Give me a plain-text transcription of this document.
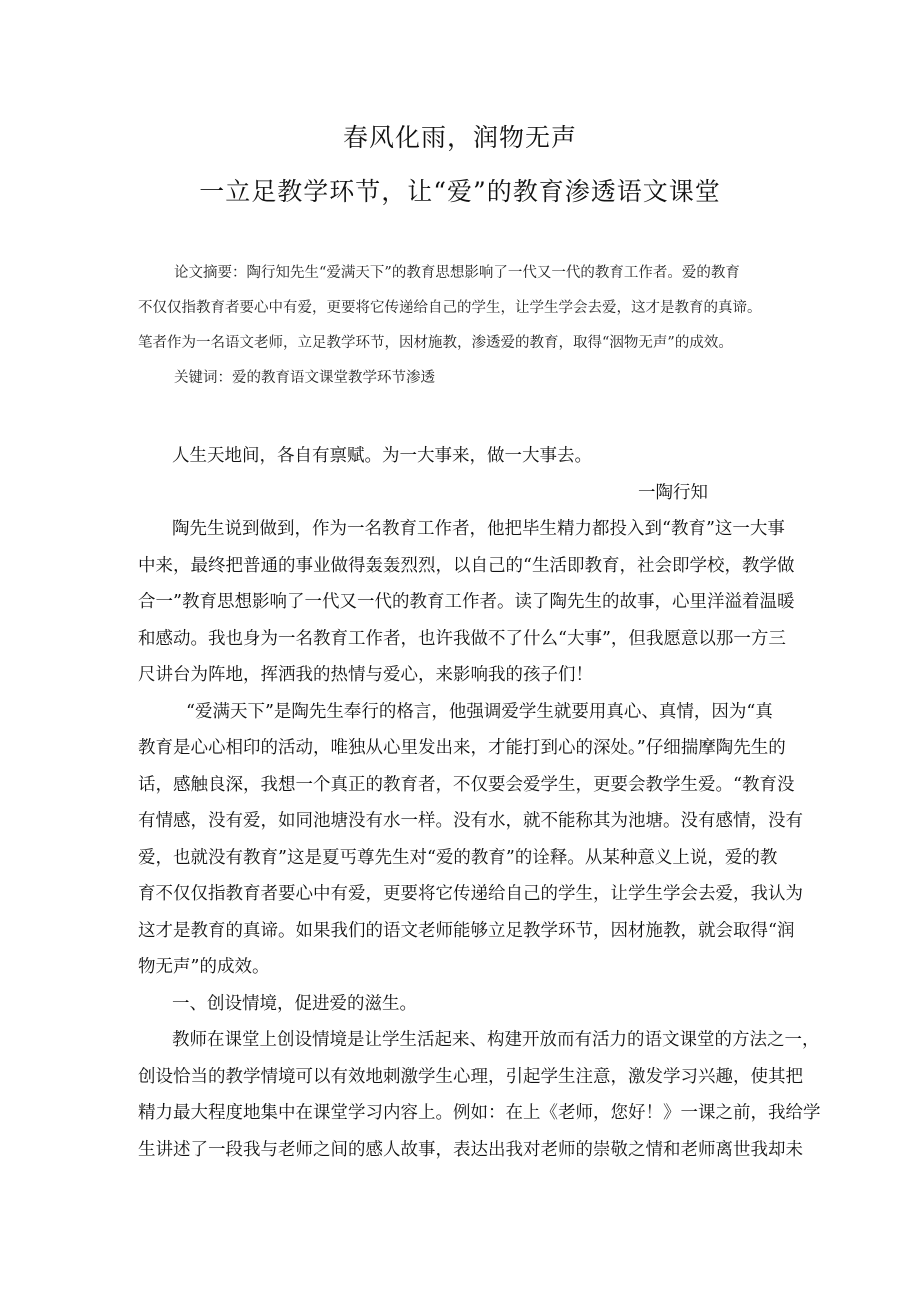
春风化雨，润物无声
一立足教学环节，让“爱”的教育渗透语文课堂

论文摘要：陶行知先生“爱满天下”的教育思想影响了一代又一代的教育工作者。爱的教育

不仅仅指教育者要心中有爱，更要将它传递给自己的学生，让学生学会去爱，这才是教育的真谛。

笔者作为一名语文老师，立足教学环节，因材施教，渗透爱的教育，取得“洇物无声”的成效。

关键词：爱的教育语文课堂教学环节渗透

人生天地间，各自有禀赋。为一大事来，做一大事去。

一陶行知

陶先生说到做到，作为一名教育工作者，他把毕生精力都投入到“教育”这一大事
中来，最终把普通的事业做得轰轰烈烈，以自己的“生活即教育，社会即学校，教学做
合一”教育思想影响了一代又一代的教育工作者。读了陶先生的故事，心里洋溢着温暖
和感动。我也身为一名教育工作者，也许我做不了什么“大事”，但我愿意以那一方三
尺讲台为阵地，挥洒我的热情与爱心，来影响我的孩子们！

“爱满天下”是陶先生奉行的格言，他强调爱学生就要用真心、真情，因为“真
教育是心心相印的活动，唯独从心里发出来，才能打到心的深处。”仔细揣摩陶先生的
话，感触良深，我想一个真正的教育者，不仅要会爱学生，更要会教学生爱。“教育没
有情感，没有爱，如同池塘没有水一样。没有水，就不能称其为池塘。没有感情，没有
爱，也就没有教育”这是夏丐尊先生对“爱的教育”的诠释。从某种意义上说，爱的教
育不仅仅指教育者要心中有爱，更要将它传递给自己的学生，让学生学会去爱，我认为
这才是教育的真谛。如果我们的语文老师能够立足教学环节，因材施教，就会取得“润
物无声”的成效。

一、创设情境，促进爱的滋生。

教师在课堂上创设情境是让学生活起来、构建开放而有活力的语文课堂的方法之一，
创设恰当的教学情境可以有效地刺激学生心理，引起学生注意，激发学习兴趣，使其把
精力最大程度地集中在课堂学习内容上。例如：在上《老师，您好！》一课之前，我给学
生讲述了一段我与老师之间的感人故事，表达出我对老师的崇敬之情和老师离世我却未
